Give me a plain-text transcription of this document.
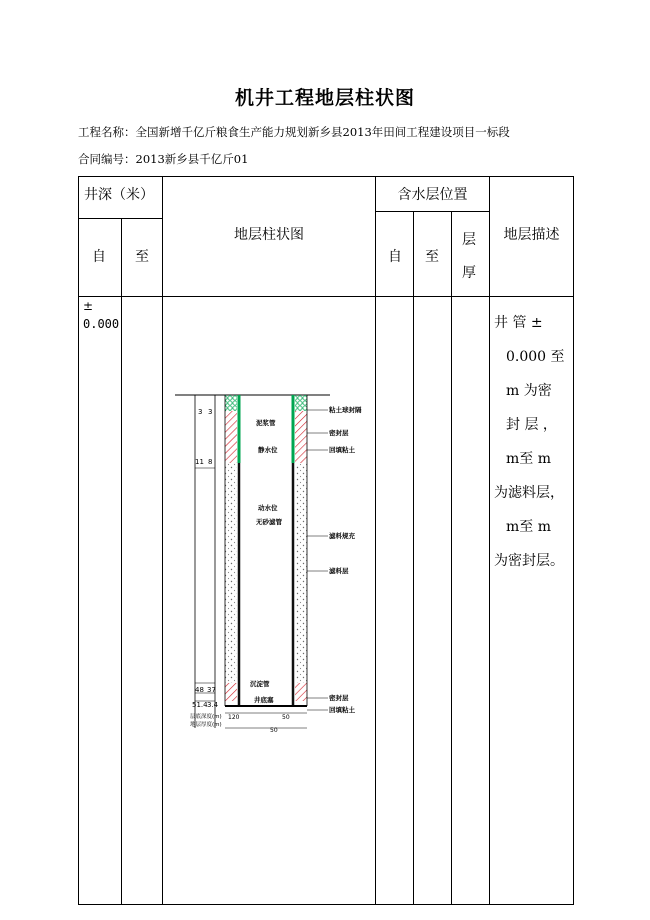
机井工程地层柱状图
工程名称：全国新增千亿斤粮食生产能力规划新乡县2013年田间工程建设项目一标段
合同编号：2013新乡县千亿斤01
井深（米）
自 至
地层柱状图
含水层位置
自 至
层
厚
地层描述
±
0.000	井 管 ±
0.000 至
m 为密
封 层 ，
m至 m
为滤料层，
m至 m
为密封层。
3 3
11 8
48 37
51.4 3.4
层底深度(m)
地层厚度(m)
120
50
50
泥浆管
静水位
动水位
无砂滤管
沉淀管
井底塞
粘土球封隔
密封层
回填粘土
滤料规充
滤料层
密封层
回填粘土
